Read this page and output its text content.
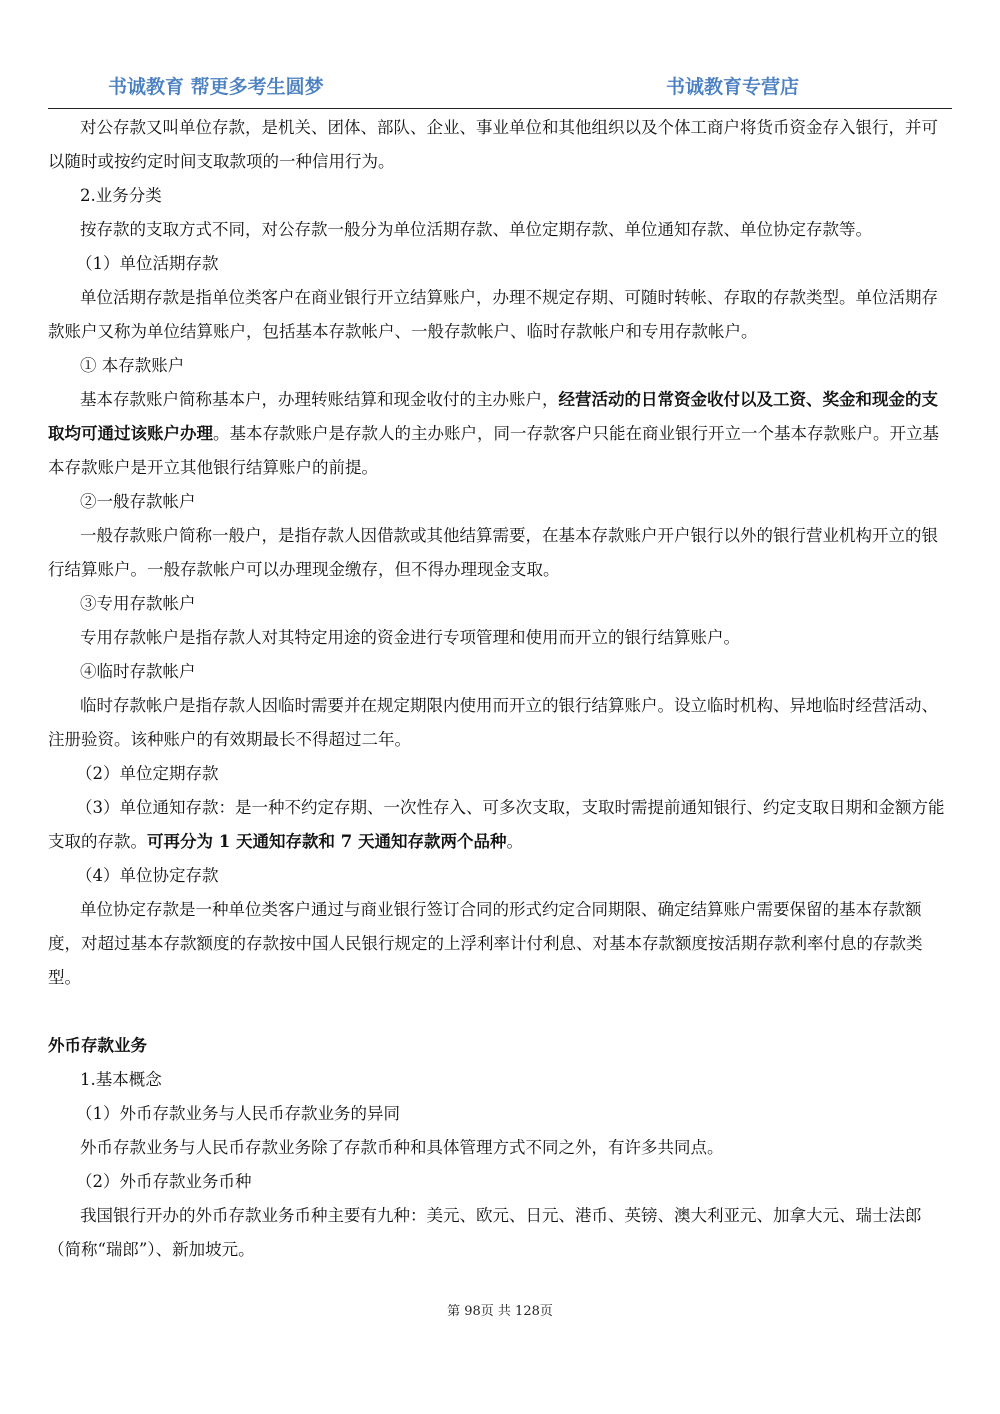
书诚教育 帮更多考生圆梦	书诚教育专营店

对公存款又叫单位存款，是机关、团体、部队、企业、事业单位和其他组织以及个体工商户将货币资金存入银行，并可以随时或按约定时间支取款项的一种信用行为。

2.业务分类

按存款的支取方式不同，对公存款一般分为单位活期存款、单位定期存款、单位通知存款、单位协定存款等。

（1）单位活期存款

单位活期存款是指单位类客户在商业银行开立结算账户，办理不规定存期、可随时转帐、存取的存款类型。单位活期存款账户又称为单位结算账户，包括基本存款帐户、一般存款帐户、临时存款帐户和专用存款帐户。

① 本存款账户

基本存款账户简称基本户，办理转账结算和现金收付的主办账户，经营活动的日常资金收付以及工资、奖金和现金的支取均可通过该账户办理。基本存款账户是存款人的主办账户，同一存款客户只能在商业银行开立一个基本存款账户。开立基本存款账户是开立其他银行结算账户的前提。

②一般存款帐户

一般存款账户简称一般户，是指存款人因借款或其他结算需要，在基本存款账户开户银行以外的银行营业机构开立的银行结算账户。一般存款帐户可以办理现金缴存，但不得办理现金支取。

③专用存款帐户

专用存款帐户是指存款人对其特定用途的资金进行专项管理和使用而开立的银行结算账户。

④临时存款帐户

临时存款帐户是指存款人因临时需要并在规定期限内使用而开立的银行结算账户。设立临时机构、异地临时经营活动、注册验资。该种账户的有效期最长不得超过二年。

（2）单位定期存款

（3）单位通知存款：是一种不约定存期、一次性存入、可多次支取，支取时需提前通知银行、约定支取日期和金额方能支取的存款。可再分为 1 天通知存款和 7 天通知存款两个品种。

（4）单位协定存款

单位协定存款是一种单位类客户通过与商业银行签订合同的形式约定合同期限、确定结算账户需要保留的基本存款额度，对超过基本存款额度的存款按中国人民银行规定的上浮利率计付利息、对基本存款额度按活期存款利率付息的存款类型。

外币存款业务

1.基本概念

（1）外币存款业务与人民币存款业务的异同

外币存款业务与人民币存款业务除了存款币种和具体管理方式不同之外，有许多共同点。

（2）外币存款业务币种

我国银行开办的外币存款业务币种主要有九种：美元、欧元、日元、港币、英镑、澳大利亚元、加拿大元、瑞士法郎（简称“瑞郎”）、新加坡元。

第 98页 共 128页
